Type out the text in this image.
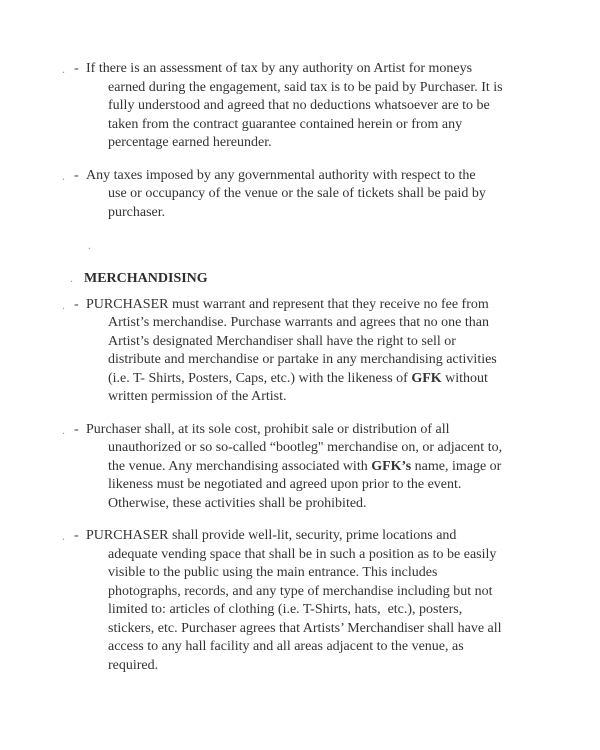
. - If there is an assessment of tax by any authority on Artist for moneys
earned during the engagement, said tax is to be paid by Purchaser. It is
fully understood and agreed that no deductions whatsoever are to be
taken from the contract guarantee contained herein or from any
percentage earned hereunder.
. - Any taxes imposed by any governmental authority with respect to the
use or occupancy of the venue or the sale of tickets shall be paid by
purchaser.
.
. MERCHANDISING
. - PURCHASER must warrant and represent that they receive no fee from
Artist’s merchandise. Purchase warrants and agrees that no one than
Artist’s designated Merchandiser shall have the right to sell or
distribute and merchandise or partake in any merchandising activities
(i.e. T- Shirts, Posters, Caps, etc.) with the likeness of GFK without
written permission of the Artist.
. - Purchaser shall, at its sole cost, prohibit sale or distribution of all
unauthorized or so so-called “bootleg" merchandise on, or adjacent to,
the venue. Any merchandising associated with GFK’s name, image or
likeness must be negotiated and agreed upon prior to the event.
Otherwise, these activities shall be prohibited.
. - PURCHASER shall provide well-lit, security, prime locations and
adequate vending space that shall be in such a position as to be easily
visible to the public using the main entrance. This includes
photographs, records, and any type of merchandise including but not
limited to: articles of clothing (i.e. T-Shirts, hats,  etc.), posters,
stickers, etc. Purchaser agrees that Artists’ Merchandiser shall have all
access to any hall facility and all areas adjacent to the venue, as
required.
